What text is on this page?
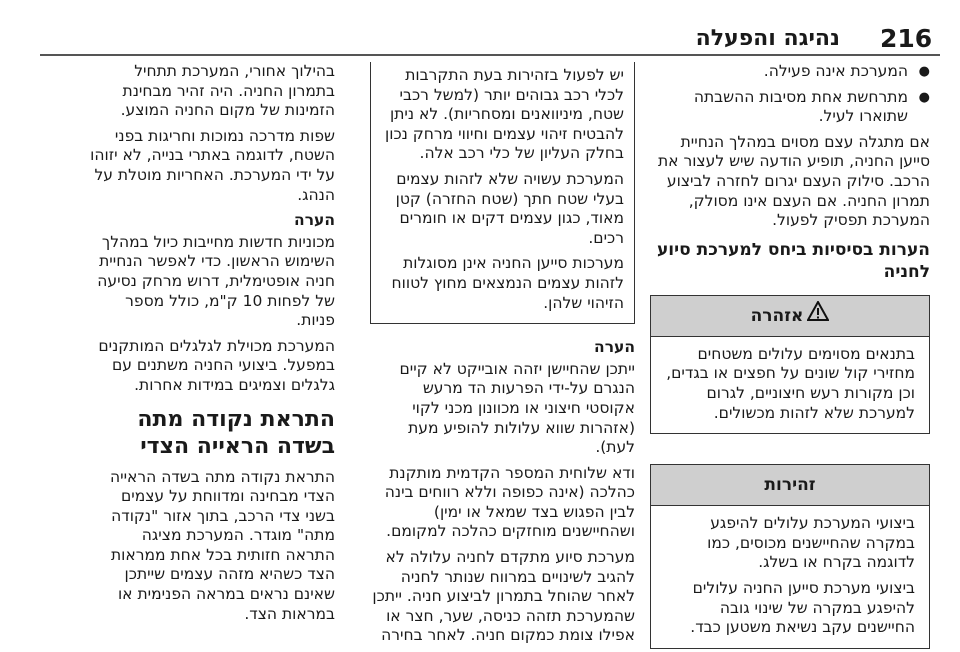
216
נהיגה והפעלה
● המערכת אינה פעילה.
● מתרחשת אחת מסיבות ההשבתה שתוארו לעיל.

אם מתגלה עצם מסוים במהלך הנחיית סייען החניה, תופיע הודעה שיש לעצור את הרכב. סילוק העצם יגרום לחזרה לביצוע תמרון החניה. אם העצם אינו מסולק, המערכת תפסיק לפעול.

הערות בסיסיות ביחס למערכת סיוע לחניה
אזהרה

בתנאים מסוימים עלולים משטחים מחזירי קול שונים על חפצים או בגדים, וכן מקורות רעש חיצוניים, לגרום למערכת שלא לזהות מכשולים.

זהירות

ביצועי המערכת עלולים להיפגע במקרה שהחיישנים מכוסים, כמו לדוגמה בקרח או בשלג.

ביצועי מערכת סייען החניה עלולים להיפגע במקרה של שינוי גובה החיישנים עקב נשיאת משטען כבד.

יש לפעול בזהירות בעת התקרבות לכלי רכב גבוהים יותר (למשל רכבי שטח, מיניוואנים ומסחריות). לא ניתן להבטיח זיהוי עצמים וחיווי מרחק נכון בחלק העליון של כלי רכב אלה.

המערכת עשויה שלא לזהות עצמים בעלי שטח חתך (שטח החזרה) קטן מאוד, כגון עצמים דקים או חומרים רכים.

מערכות סייען החניה אינן מסוגלות לזהות עצמים הנמצאים מחוץ לטווח הזיהוי שלהן.

הערה

ייתכן שהחיישן יזהה אובייקט לא קיים הנגרם על-ידי הפרעות הד מרעש אקוסטי חיצוני או מכוונון מכני לקוי (אזהרות שווא עלולות להופיע מעת לעת).

ודא שלוחית המספר הקדמית מותקנת כהלכה (אינה כפופה וללא רווחים בינה לבין הפגוש בצד שמאל או ימין) ושהחיישנים מוחזקים כהלכה למקומם.

מערכת סיוע מתקדם לחניה עלולה לא להגיב לשינויים במרווח שנותר לחניה לאחר שהוחל בתמרון לביצוע חניה. ייתכן שהמערכת תזהה כניסה, שער, חצר או אפילו צומת כמקום חניה. לאחר בחירה

בהילוך אחורי, המערכת תתחיל בתמרון החניה. היה זהיר מבחינת הזמינות של מקום החניה המוצע.

שפות מדרכה נמוכות וחריגות בפני השטח, לדוגמה באתרי בנייה, לא יזוהו על ידי המערכת. האחריות מוטלת על הנהג.

הערה

מכוניות חדשות מחייבות כיול במהלך השימוש הראשון. כדי לאפשר הנחיית חניה אופטימלית, דרוש מרחק נסיעה של לפחות 10 ק"מ, כולל מספר פניות.

המערכת מכוילת לגלגלים המותקנים במפעל. ביצועי החניה משתנים עם גלגלים וצמיגים במידות אחרות.

התראת נקודה מתה בשדה הראייה הצדי

התראת נקודה מתה בשדה הראייה הצדי מבחינה ומדווחת על עצמים בשני צדי הרכב, בתוך אזור "נקודה מתה" מוגדר. המערכת מציגה התראה חזותית בכל אחת ממראות הצד כשהיא מזהה עצמים שייתכן שאינם נראים במראה הפנימית או במראות הצד.
